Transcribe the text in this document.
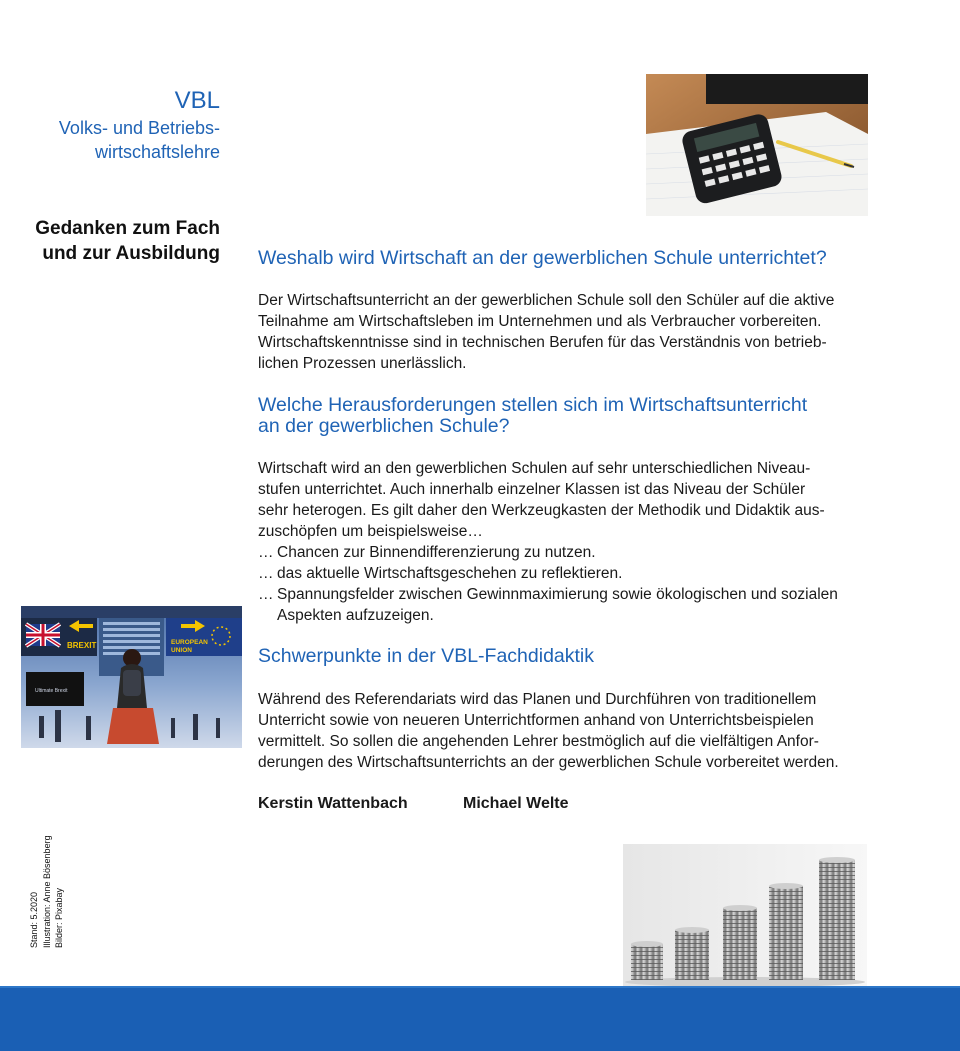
VBL
Volks- und Betriebs-
wirtschaftslehre
Gedanken zum Fach
und zur Ausbildung Weshalb wird Wirtschaft an der gewerblichen Schule unterrichtet?

Der Wirtschaftsunterricht an der gewerblichen Schule soll den Schüler auf die aktive

Teilnahme am Wirtschaftsleben im Unternehmen und als Verbraucher vorbereiten.

Wirtschaftskenntnisse sind in technischen Berufen für das Verständnis von betrieb-

lichen Prozessen unerlässlich.

Welche Herausforderungen stellen sich im Wirtschaftsunterricht
an der gewerblichen Schule?

Wirtschaft wird an den gewerblichen Schulen auf sehr unterschiedlichen Niveau-

stufen unterrichtet. Auch innerhalb einzelner Klassen ist das Niveau der Schüler

sehr heterogen. Es gilt daher den Werkzeugkasten der Methodik und Didaktik aus-

zuschöpfen um beispielsweise…

… Chancen zur Binnendifferenzierung zu nutzen.
… das aktuelle Wirtschaftsgeschehen zu reflektieren.
… Spannungsfelder zwischen Gewinnmaximierung sowie ökologischen und sozialen
Aspekten aufzuzeigen.
Schwerpunkte in der VBL-Fachdidaktik

Während des Referendariats wird das Planen und Durchführen von traditionellem

Unterricht sowie von neueren Unterrichtformen anhand von Unterrichtsbeispielen

vermittelt. So sollen die angehenden Lehrer bestmöglich auf die vielfältigen Anfor-

derungen des Wirtschaftsunterrichts an der gewerblichen Schule vorbereitet werden.

Kerstin Wattenbach	Michael Welte
BREXIT	EUROPEAN
UNION
Ultimate Brexit
Stand: 5.2020 Illustration: Anne Bösenberg Bilder: Pixabay
